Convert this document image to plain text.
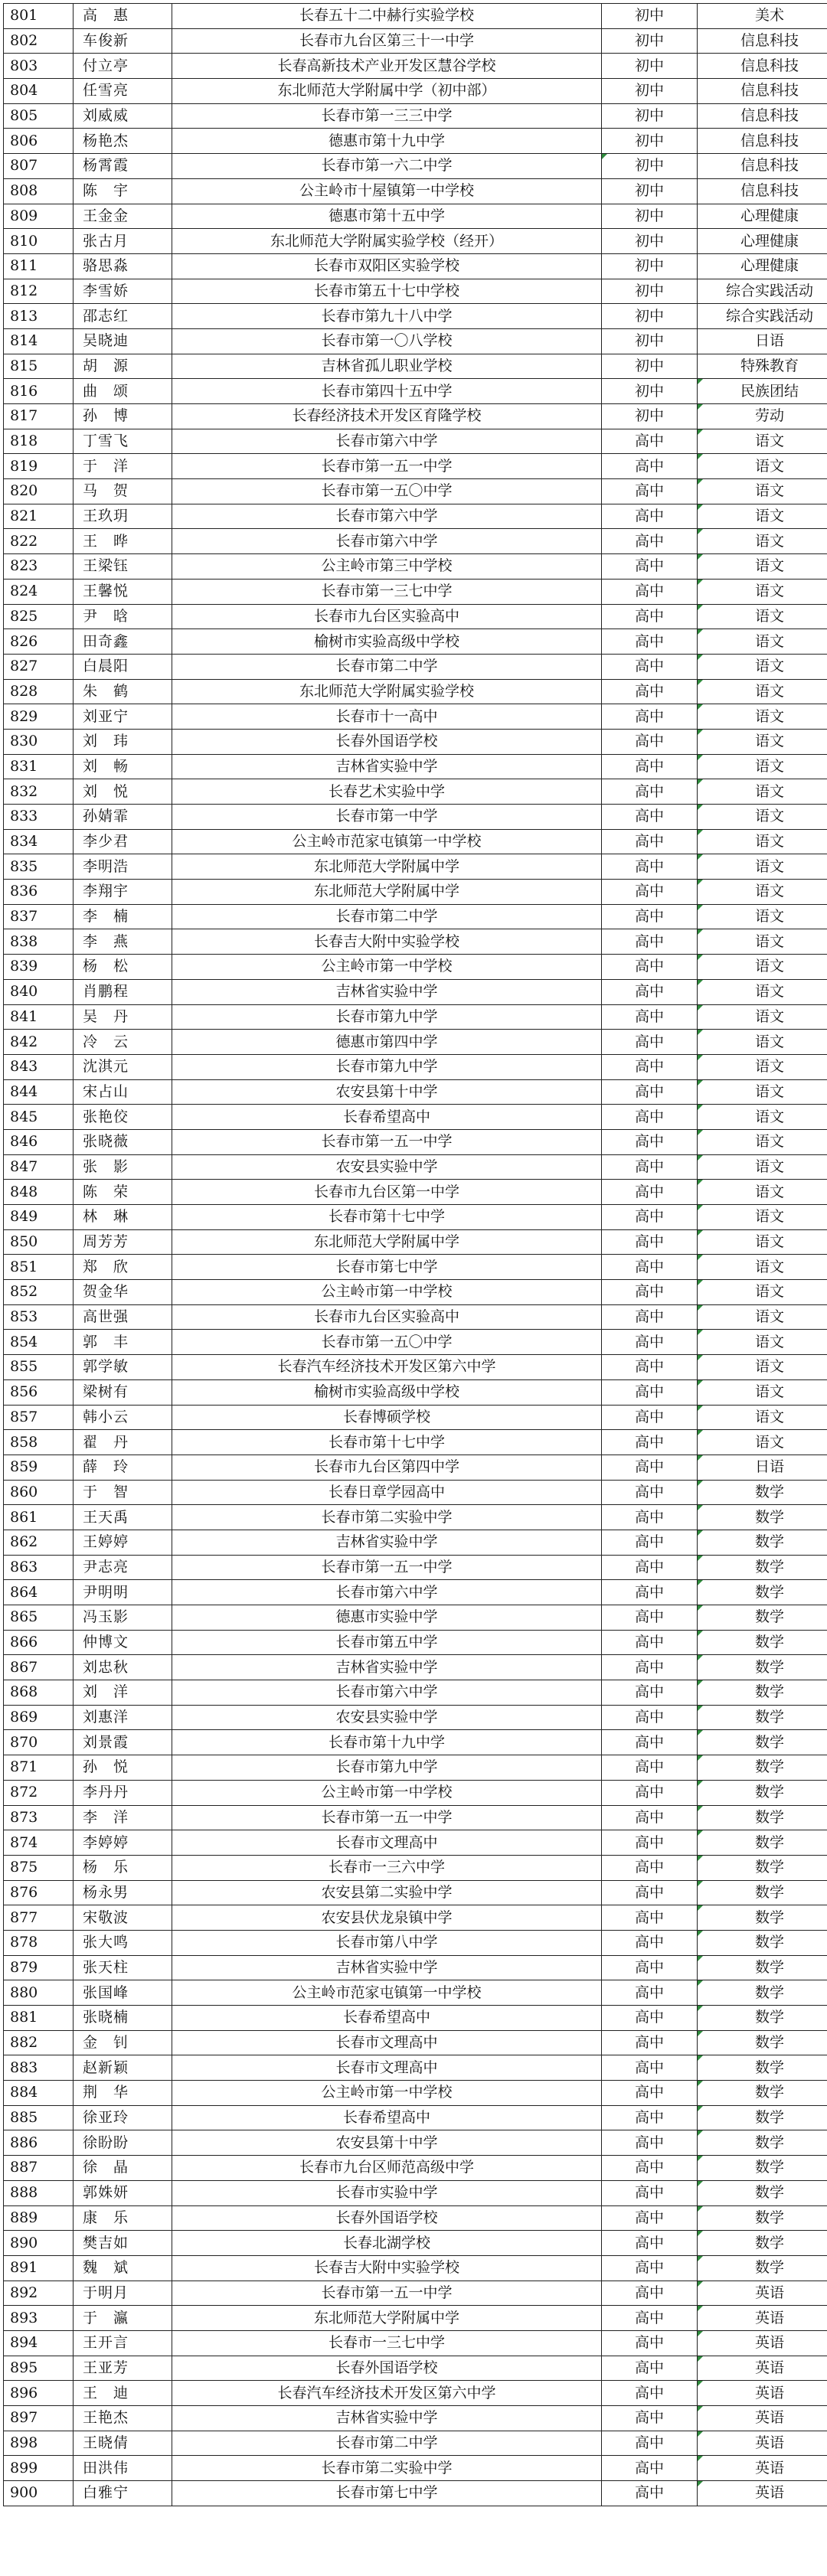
801	高　惠	长春五十二中赫行实验学校	初中	美术
802	车俊新	长春市九台区第三十一中学	初中	信息科技
803	付立亭	长春高新技术产业开发区慧谷学校	初中	信息科技
804	任雪亮	东北师范大学附属中学（初中部）	初中	信息科技
805	刘威威	长春市第一三三中学	初中	信息科技
806	杨艳杰	德惠市第十九中学	初中	信息科技
807	杨霄霞	长春市第一六二中学	初中	信息科技
808	陈　宇	公主岭市十屋镇第一中学校	初中	信息科技
809	王金金	德惠市第十五中学	初中	心理健康
810	张古月	东北师范大学附属实验学校（经开）	初中	心理健康
811	骆思淼	长春市双阳区实验学校	初中	心理健康
812	李雪娇	长春市第五十七中学校	初中	综合实践活动
813	邵志红	长春市第九十八中学	初中	综合实践活动
814	吴晓迪	长春市第一〇八学校	初中	日语
815	胡　源	吉林省孤儿职业学校	初中	特殊教育
816	曲　颂	长春市第四十五中学	初中	民族团结
817	孙　博	长春经济技术开发区育隆学校	初中	劳动
818	丁雪飞	长春市第六中学	高中	语文
819	于　洋	长春市第一五一中学	高中	语文
820	马　贺	长春市第一五〇中学	高中	语文
821	王玖玥	长春市第六中学	高中	语文
822	王　晔	长春市第六中学	高中	语文
823	王梁钰	公主岭市第三中学校	高中	语文
824	王馨悦	长春市第一三七中学	高中	语文
825	尹　晗	长春市九台区实验高中	高中	语文
826	田奇鑫	榆树市实验高级中学校	高中	语文
827	白晨阳	长春市第二中学	高中	语文
828	朱　鹤	东北师范大学附属实验学校	高中	语文
829	刘亚宁	长春市十一高中	高中	语文
830	刘　玮	长春外国语学校	高中	语文
831	刘　畅	吉林省实验中学	高中	语文
832	刘　悦	长春艺术实验中学	高中	语文
833	孙婧霏	长春市第一中学	高中	语文
834	李少君	公主岭市范家屯镇第一中学校	高中	语文
835	李明浩	东北师范大学附属中学	高中	语文
836	李翔宇	东北师范大学附属中学	高中	语文
837	李　楠	长春市第二中学	高中	语文
838	李　燕	长春吉大附中实验学校	高中	语文
839	杨　松	公主岭市第一中学校	高中	语文
840	肖鹏程	吉林省实验中学	高中	语文
841	吴　丹	长春市第九中学	高中	语文
842	冷　云	德惠市第四中学	高中	语文
843	沈淇元	长春市第九中学	高中	语文
844	宋占山	农安县第十中学	高中	语文
845	张艳佼	长春希望高中	高中	语文
846	张晓薇	长春市第一五一中学	高中	语文
847	张　影	农安县实验中学	高中	语文
848	陈　荣	长春市九台区第一中学	高中	语文
849	林　琳	长春市第十七中学	高中	语文
850	周芳芳	东北师范大学附属中学	高中	语文
851	郑　欣	长春市第七中学	高中	语文
852	贺金华	公主岭市第一中学校	高中	语文
853	高世强	长春市九台区实验高中	高中	语文
854	郭　丰	长春市第一五〇中学	高中	语文
855	郭学敏	长春汽车经济技术开发区第六中学	高中	语文
856	梁树有	榆树市实验高级中学校	高中	语文
857	韩小云	长春博硕学校	高中	语文
858	翟　丹	长春市第十七中学	高中	语文
859	薛　玲	长春市九台区第四中学	高中	日语
860	于　智	长春日章学园高中	高中	数学
861	王天禹	长春市第二实验中学	高中	数学
862	王婷婷	吉林省实验中学	高中	数学
863	尹志亮	长春市第一五一中学	高中	数学
864	尹明明	长春市第六中学	高中	数学
865	冯玉影	德惠市实验中学	高中	数学
866	仲博文	长春市第五中学	高中	数学
867	刘忠秋	吉林省实验中学	高中	数学
868	刘　洋	长春市第六中学	高中	数学
869	刘惠洋	农安县实验中学	高中	数学
870	刘景霞	长春市第十九中学	高中	数学
871	孙　悦	长春市第九中学	高中	数学
872	李丹丹	公主岭市第一中学校	高中	数学
873	李　洋	长春市第一五一中学	高中	数学
874	李婷婷	长春市文理高中	高中	数学
875	杨　乐	长春市一三六中学	高中	数学
876	杨永男	农安县第二实验中学	高中	数学
877	宋敬波	农安县伏龙泉镇中学	高中	数学
878	张大鸣	长春市第八中学	高中	数学
879	张天柱	吉林省实验中学	高中	数学
880	张国峰	公主岭市范家屯镇第一中学校	高中	数学
881	张晓楠	长春希望高中	高中	数学
882	金　钊	长春市文理高中	高中	数学
883	赵新颖	长春市文理高中	高中	数学
884	荆　华	公主岭市第一中学校	高中	数学
885	徐亚玲	长春希望高中	高中	数学
886	徐盼盼	农安县第十中学	高中	数学
887	徐　晶	长春市九台区师范高级中学	高中	数学
888	郭姝妍	长春市实验中学	高中	数学
889	康　乐	长春外国语学校	高中	数学
890	樊吉如	长春北湖学校	高中	数学
891	魏　斌	长春吉大附中实验学校	高中	数学
892	于明月	长春市第一五一中学	高中	英语
893	于　瀛	东北师范大学附属中学	高中	英语
894	王开言	长春市一三七中学	高中	英语
895	王亚芳	长春外国语学校	高中	英语
896	王　迪	长春汽车经济技术开发区第六中学	高中	英语
897	王艳杰	吉林省实验中学	高中	英语
898	王晓倩	长春市第二中学	高中	英语
899	田洪伟	长春市第二实验中学	高中	英语
900	白雅宁	长春市第七中学	高中	英语
